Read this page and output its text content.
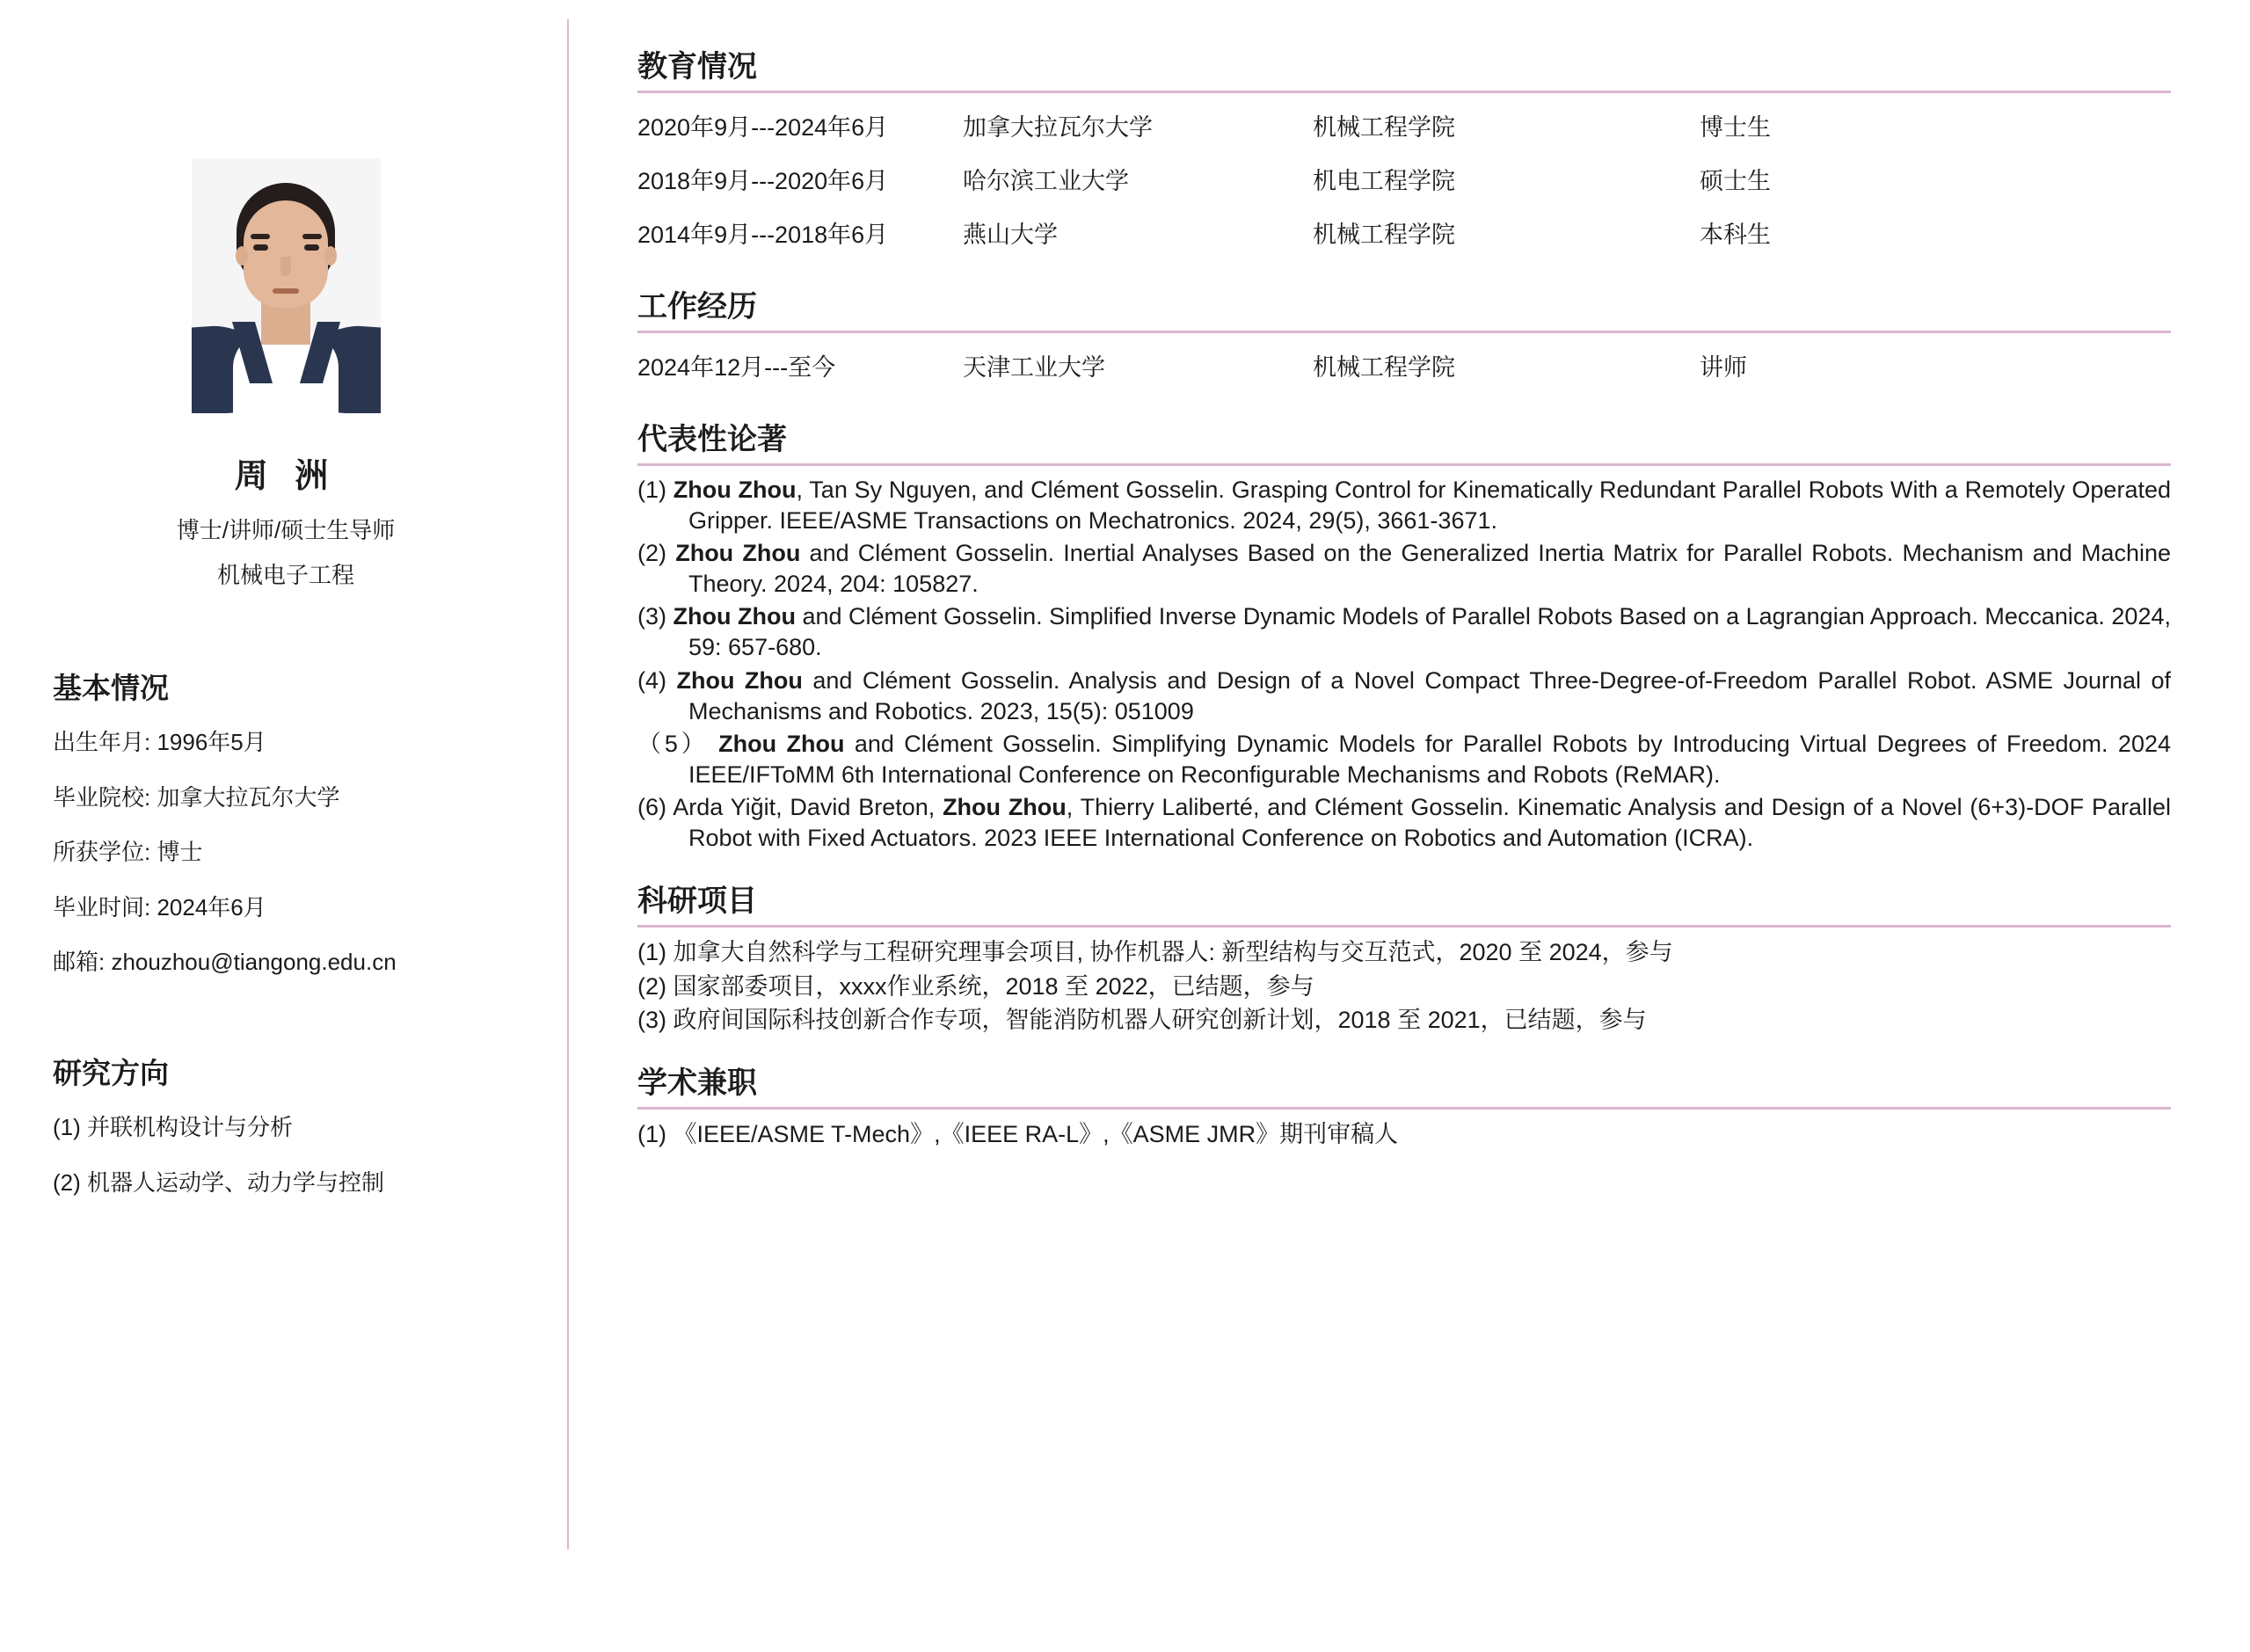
周 洲
博士/讲师/硕士生导师
机械电子工程
基本情况
出生年月: 1996年5月
毕业院校: 加拿大拉瓦尔大学
所获学位: 博士
毕业时间: 2024年6月
邮箱: zhouzhou@tiangong.edu.cn
研究方向
(1) 并联机构设计与分析
(2) 机器人运动学、动力学与控制
教育情况
2020年9月---2024年6月	加拿大拉瓦尔大学	机械工程学院	博士生
2018年9月---2020年6月	哈尔滨工业大学	机电工程学院	硕士生
2014年9月---2018年6月	燕山大学	机械工程学院	本科生
工作经历
2024年12月---至今	天津工业大学	机械工程学院	讲师
代表性论著

(1) Zhou Zhou, Tan Sy Nguyen, and Clément Gosselin. Grasping Control for Kinematically Redundant Parallel Robots With a Remotely Operated Gripper. IEEE/ASME Transactions on Mechatronics. 2024, 29(5), 3661-3671.

(2) Zhou Zhou and Clément Gosselin. Inertial Analyses Based on the Generalized Inertia Matrix for Parallel Robots. Mechanism and Machine Theory. 2024, 204: 105827.

(3) Zhou Zhou and Clément Gosselin. Simplified Inverse Dynamic Models of Parallel Robots Based on a Lagrangian Approach. Meccanica. 2024, 59: 657-680.

(4) Zhou Zhou and Clément Gosselin. Analysis and Design of a Novel Compact Three-Degree-of-Freedom Parallel Robot. ASME Journal of Mechanisms and Robotics. 2023, 15(5): 051009

（5） Zhou Zhou and Clément Gosselin. Simplifying Dynamic Models for Parallel Robots by Introducing Virtual Degrees of Freedom. 2024 IEEE/IFToMM 6th International Conference on Reconfigurable Mechanisms and Robots (ReMAR).

(6) Arda Yiğit, David Breton, Zhou Zhou, Thierry Laliberté, and Clément Gosselin. Kinematic Analysis and Design of a Novel (6+3)-DOF Parallel Robot with Fixed Actuators. 2023 IEEE International Conference on Robotics and Automation (ICRA).

科研项目

(1) 加拿大自然科学与工程研究理事会项目, 协作机器人: 新型结构与交互范式，2020 至 2024，参与

(2) 国家部委项目，xxxx作业系统，2018 至 2022，已结题，参与

(3) 政府间国际科技创新合作专项，智能消防机器人研究创新计划，2018 至 2021，已结题，参与

学术兼职

(1) 《IEEE/ASME T-Mech》,《IEEE RA-L》,《ASME JMR》期刊审稿人
